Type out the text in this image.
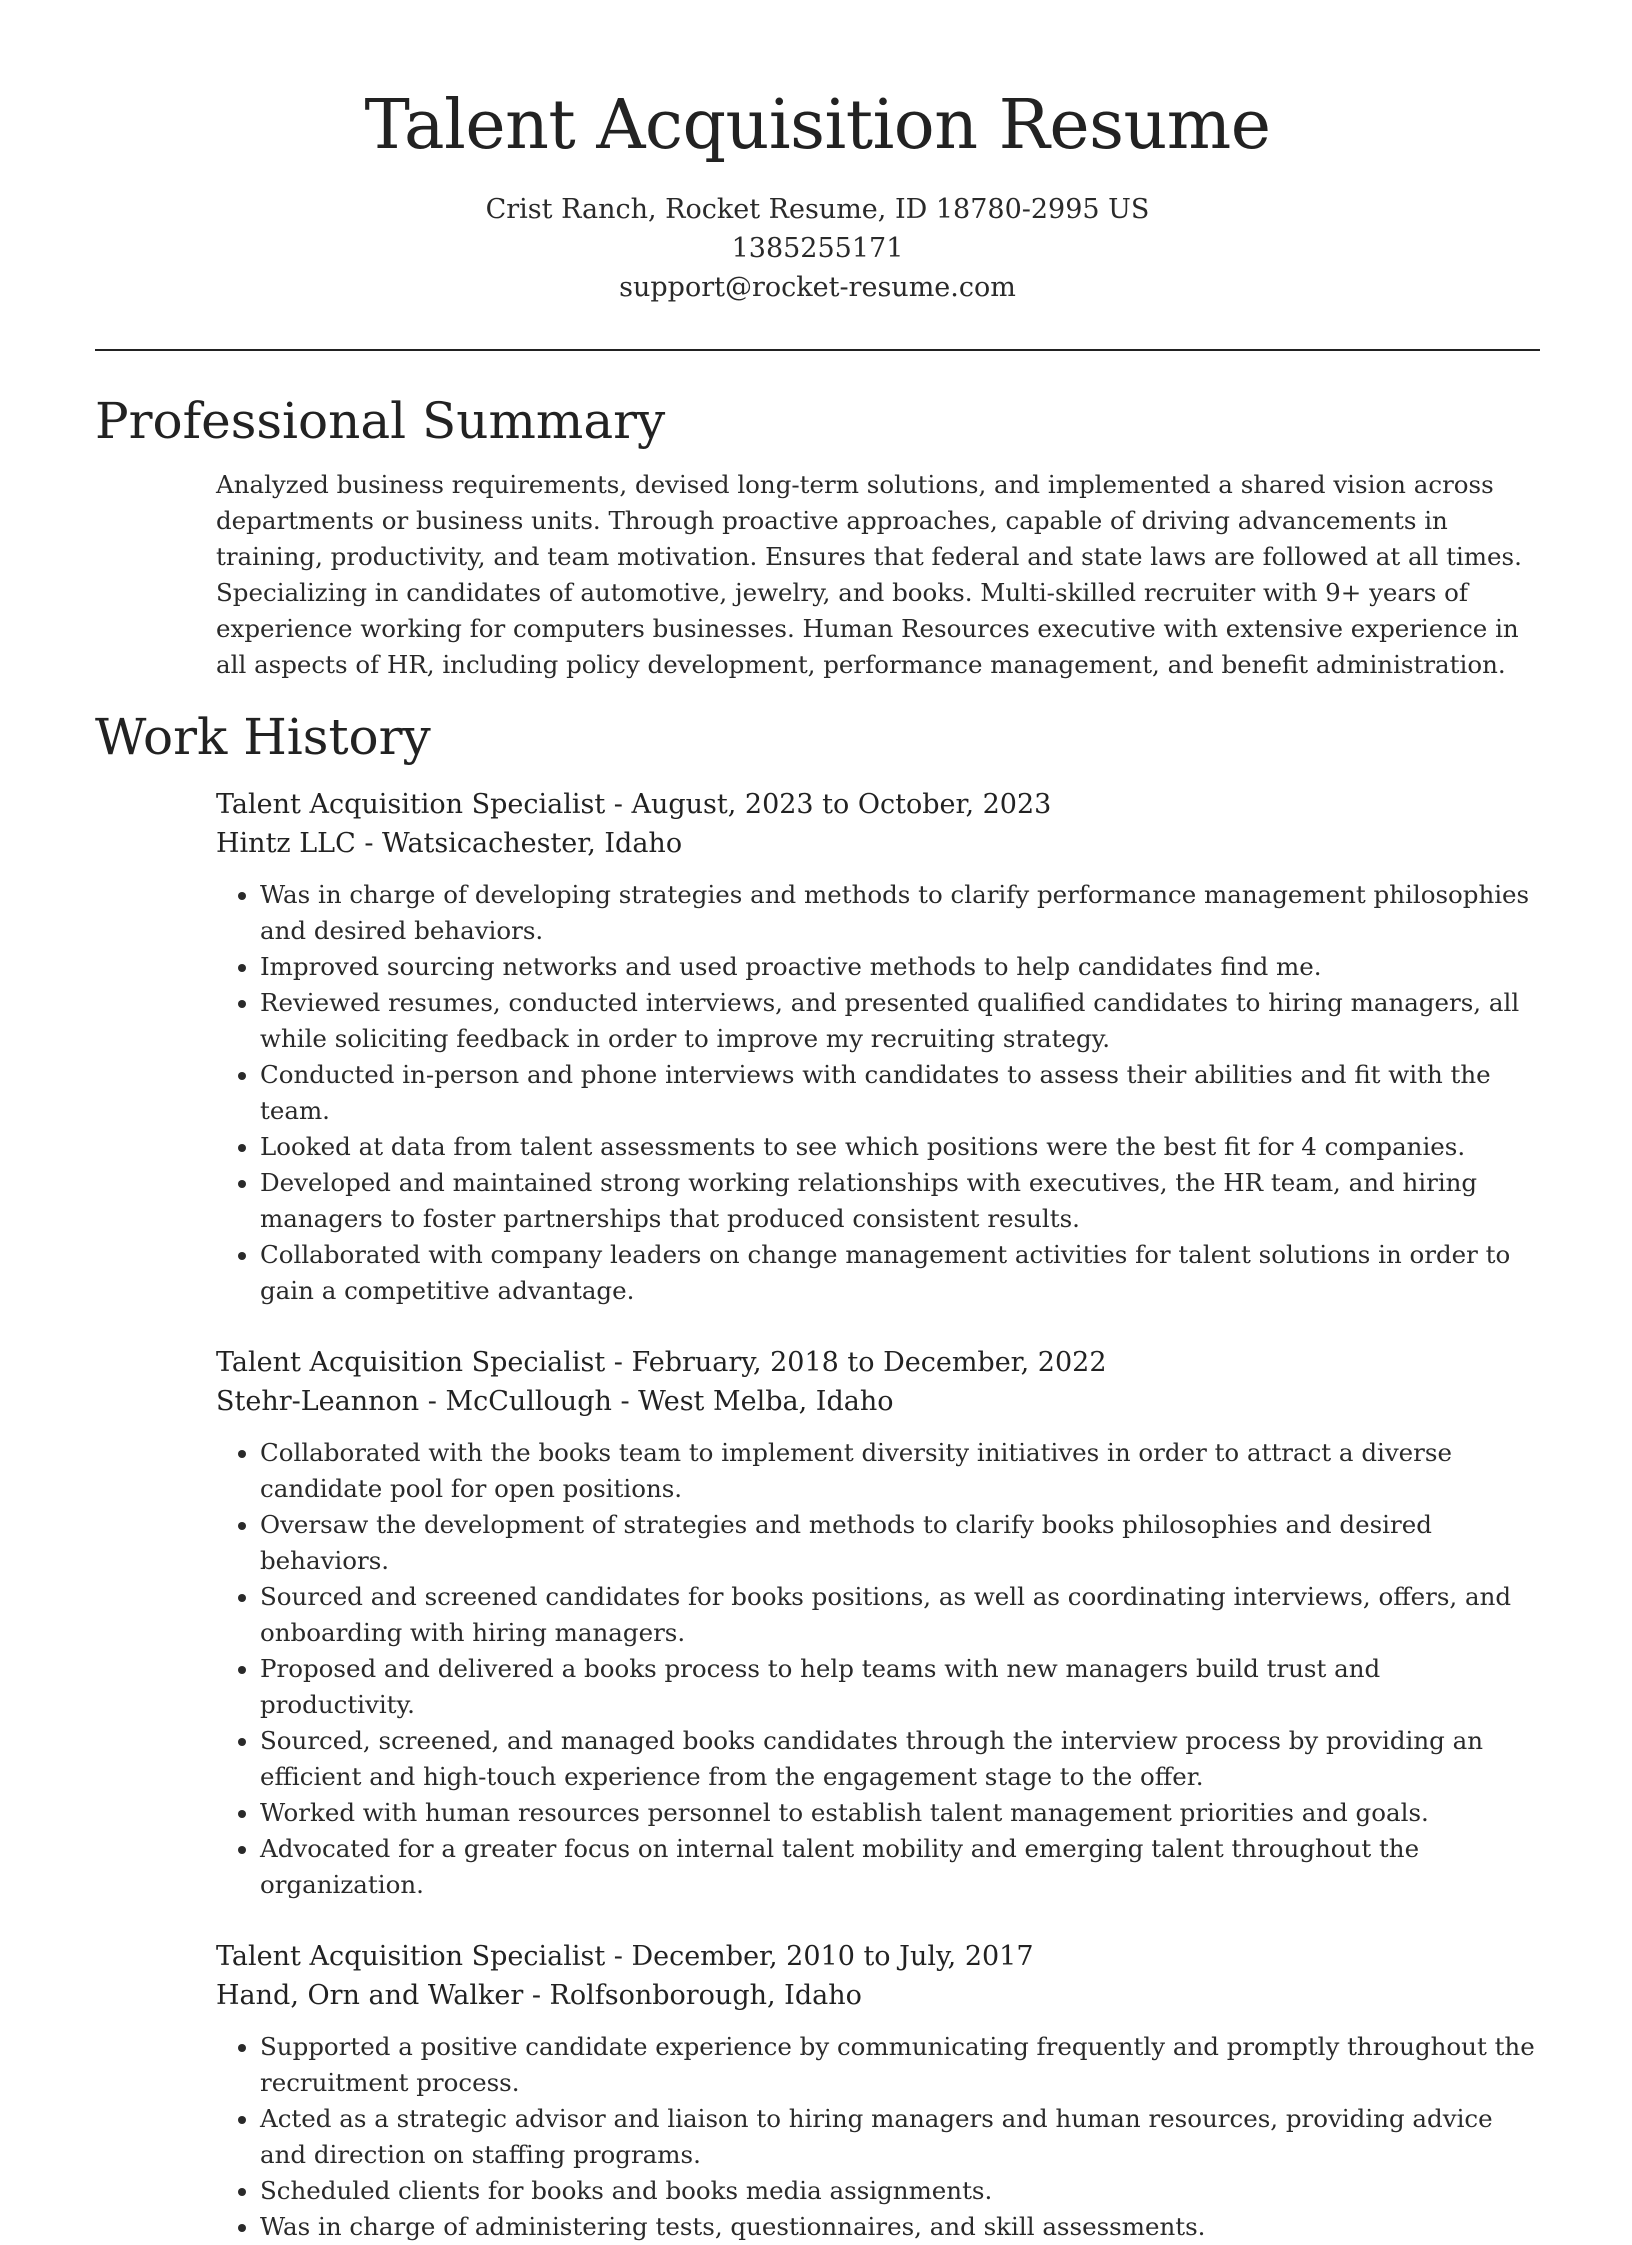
Talent Acquisition Resume
Crist Ranch, Rocket Resume, ID 18780-2995 US
1385255171
support@rocket-resume.com
Professional Summary

Analyzed business requirements, devised long-term solutions, and implemented a shared vision across departments or business units. Through proactive approaches, capable of driving advancements in training, productivity, and team motivation. Ensures that federal and state laws are followed at all times. Specializing in candidates of automotive, jewelry, and books. Multi-skilled recruiter with 9+ years of experience working for computers businesses. Human Resources executive with extensive experience in all aspects of HR, including policy development, performance management, and benefit administration.

Work History
Talent Acquisition Specialist - August, 2023 to October, 2023
Hintz LLC - Watsicachester, Idaho
• Was in charge of developing strategies and methods to clarify performance management philosophies and desired behaviors.
• Improved sourcing networks and used proactive methods to help candidates find me.
• Reviewed resumes, conducted interviews, and presented qualified candidates to hiring managers, all while soliciting feedback in order to improve my recruiting strategy.
• Conducted in-person and phone interviews with candidates to assess their abilities and fit with the team.
• Looked at data from talent assessments to see which positions were the best fit for 4 companies.
• Developed and maintained strong working relationships with executives, the HR team, and hiring managers to foster partnerships that produced consistent results.
• Collaborated with company leaders on change management activities for talent solutions in order to gain a competitive advantage.
Talent Acquisition Specialist - February, 2018 to December, 2022
Stehr-Leannon - McCullough - West Melba, Idaho
• Collaborated with the books team to implement diversity initiatives in order to attract a diverse candidate pool for open positions.
• Oversaw the development of strategies and methods to clarify books philosophies and desired behaviors.
• Sourced and screened candidates for books positions, as well as coordinating interviews, offers, and onboarding with hiring managers.
• Proposed and delivered a books process to help teams with new managers build trust and productivity.
• Sourced, screened, and managed books candidates through the interview process by providing an efficient and high-touch experience from the engagement stage to the offer.
• Worked with human resources personnel to establish talent management priorities and goals.
• Advocated for a greater focus on internal talent mobility and emerging talent throughout the organization.
Talent Acquisition Specialist - December, 2010 to July, 2017
Hand, Orn and Walker - Rolfsonborough, Idaho
• Supported a positive candidate experience by communicating frequently and promptly throughout the recruitment process.
• Acted as a strategic advisor and liaison to hiring managers and human resources, providing advice and direction on staffing programs.
• Scheduled clients for books and books media assignments.
• Was in charge of administering tests, questionnaires, and skill assessments.
